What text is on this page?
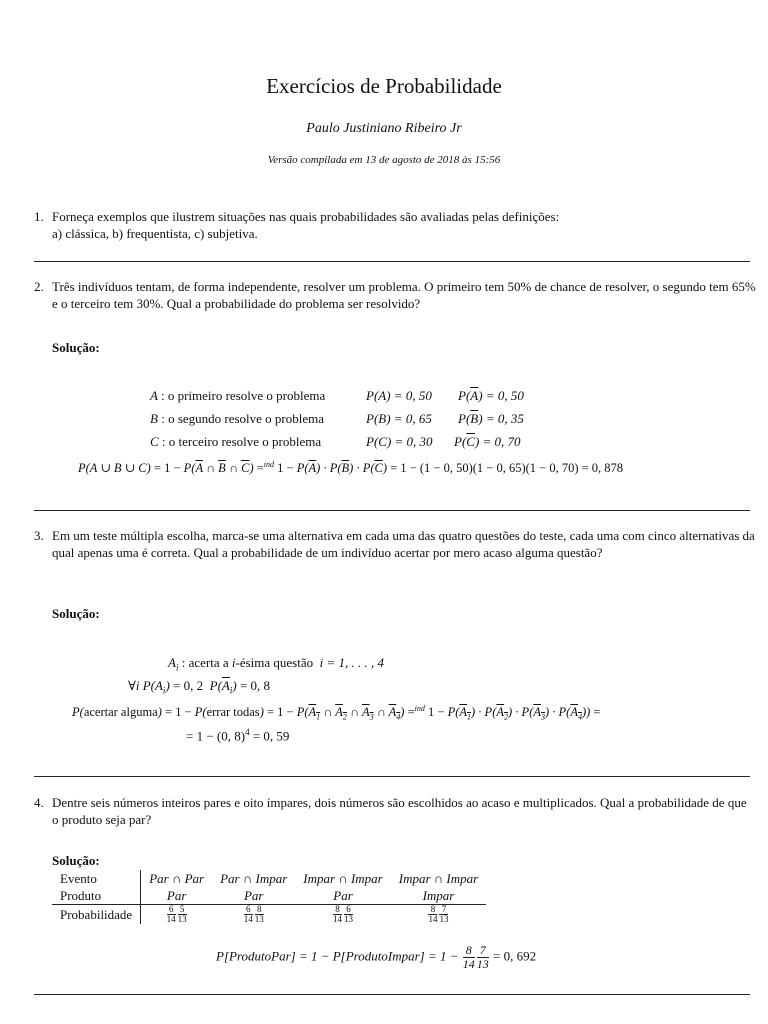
Exercícios de Probabilidade
Paulo Justiniano Ribeiro Jr
Versão compilada em 13 de agosto de 2018 às 15:56
1. Forneça exemplos que ilustrem situações nas quais probabilidades são avaliadas pelas definições:
a) clássica, b) frequentista, c) subjetiva.
2. Três indivíduos tentam, de forma independente, resolver um problema. O primeiro tem 50% de chance de resolver, o segundo tem 65% e o terceiro tem 30%. Qual a probabilidade do problema ser resolvido?
Solução:
A : o primeiro resolve o problema	P(A) = 0, 50 $P(\overline{A}) = 0$, 50
B : o segundo resolve o problema	P(B) = 0, 65 $P(\overline{B}) = 0$, 35
C : o terceiro resolve o problema	P(C) = 0, 30 $P(\overline{C}) = 0$, 70
P(A ∪ B ∪ $C) = 1 - P(\overline{A}$ ∩ $\overline{B}$ ∩ $\overline{C}) =^{ind}$ $1 - P(\overline{A}) \cdot P(\overline{B}) \cdot P(\overline{C}) = 1 - (1 - 0$, 50)(1 − 0, 65)(1 − 0, 70) = 0, 878
3. Em um teste múltipla escolha, marca-se uma alternativa em cada uma das quatro questões do teste, cada uma com cinco alternativas da qual apenas uma é correta. Qual a probabilidade de um indivíduo acertar por mero acaso alguma questão?
Solução:
$A_i$ : acerta a i-ésima questão i = 1, . . . , 4
∀i $P(A_i) = 0$, 2  $P(\overline{A}_i) = 0$, 8
P(acertar alguma) = 1 − P(errar todas) = $1 - P(A_1$ ∩ $A_2$ ∩ $A_3$ ∩ $A_4) =^{ind}$ $1 - P(A_1) \cdot P(A_2) \cdot P(A_3) \cdot P(A_4)$) =
= 1 − (0, 8)$^4$ = 0, 59
4. Dentre seis números inteiros pares e oito ímpares, dois números são escolhidos ao acaso e multiplicados. Qual a probabilidade de que o produto seja par?
Solução:
Evento	Par ∩ Par	Par ∩ Impar	Impar ∩ Impar	Impar ∩ Impar
Produto	Par	Par	Par	Impar
Probabilidade	$\frac{6}{14} \frac{5}{13}$	$\frac{6}{14} \frac{8}{13}$	$\frac{8}{14} \frac{6}{13}$	$\frac{8}{14} \frac{7}{13}$
P[ProdutoPar] = 1 − P[ProdutoImpar] = $1 - \frac{8}{14} \frac{7}{13} = 0$, 692
